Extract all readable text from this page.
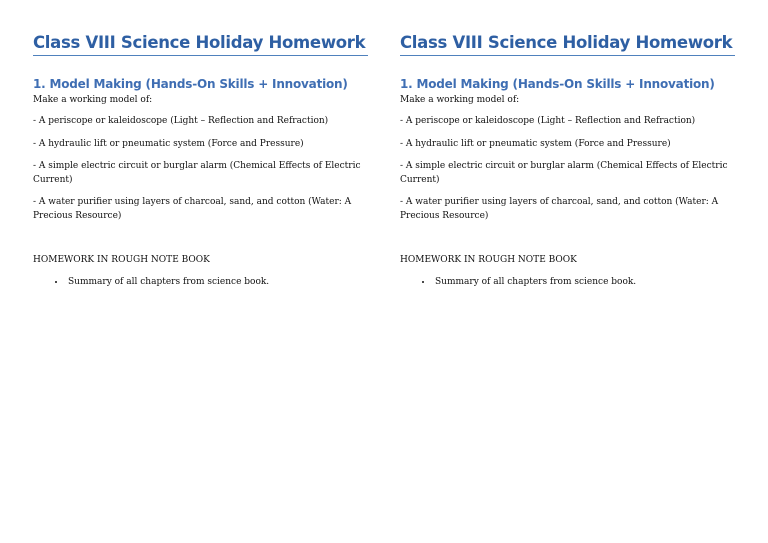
Class VIII Science Holiday Homework
1. Model Making (Hands-On Skills + Innovation)

Make a working model of:

- A periscope or kaleidoscope (Light – Reflection and Refraction)

- A hydraulic lift or pneumatic system (Force and Pressure)

- A simple electric circuit or burglar alarm (Chemical Effects of Electric Current)

- A water purifier using layers of charcoal, sand, and cotton (Water: A Precious Resource)

HOMEWORK IN ROUGH NOTE BOOK

• Summary of all chapters from science book.
Class VIII Science Holiday Homework
1. Model Making (Hands-On Skills + Innovation)

Make a working model of:

- A periscope or kaleidoscope (Light – Reflection and Refraction)

- A hydraulic lift or pneumatic system (Force and Pressure)

- A simple electric circuit or burglar alarm (Chemical Effects of Electric Current)

- A water purifier using layers of charcoal, sand, and cotton (Water: A Precious Resource)

HOMEWORK IN ROUGH NOTE BOOK

• Summary of all chapters from science book.
